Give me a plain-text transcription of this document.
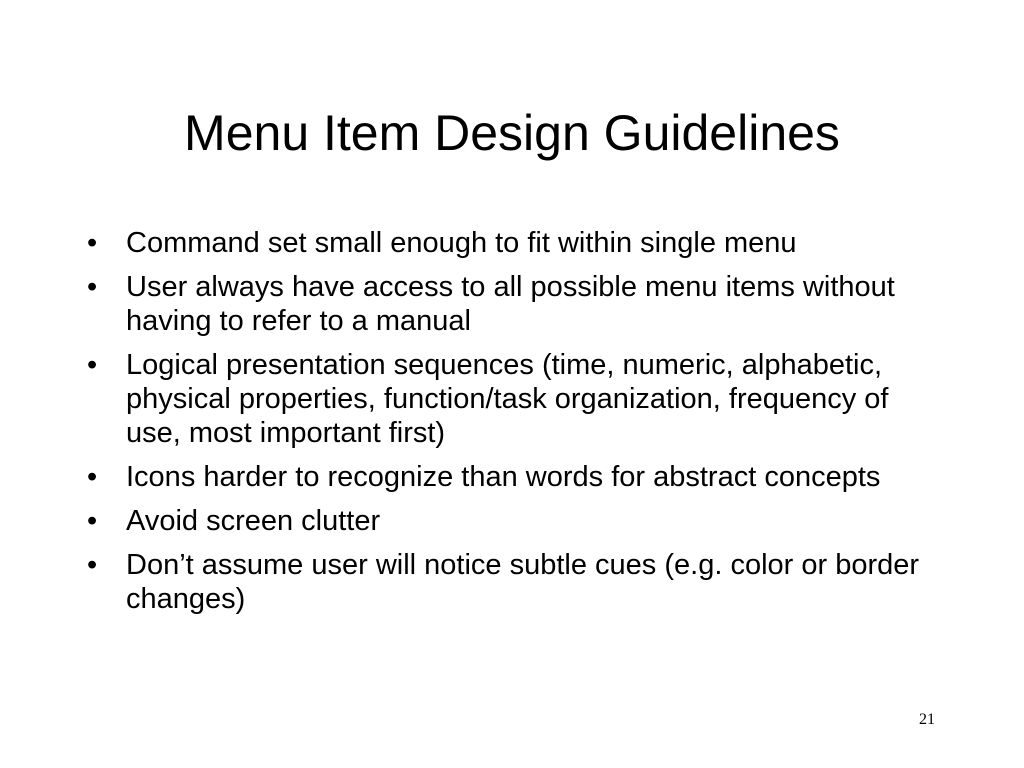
Menu Item Design Guidelines
• Command set small enough to fit within single menu
• User always have access to all possible menu items without having to refer to a manual
• Logical presentation sequences (time, numeric, alphabetic, physical properties, function/task organization, frequency of use, most important first)
• Icons harder to recognize than words for abstract concepts
• Avoid screen clutter
• Don’t assume user will notice subtle cues (e.g. color or border changes)
21
